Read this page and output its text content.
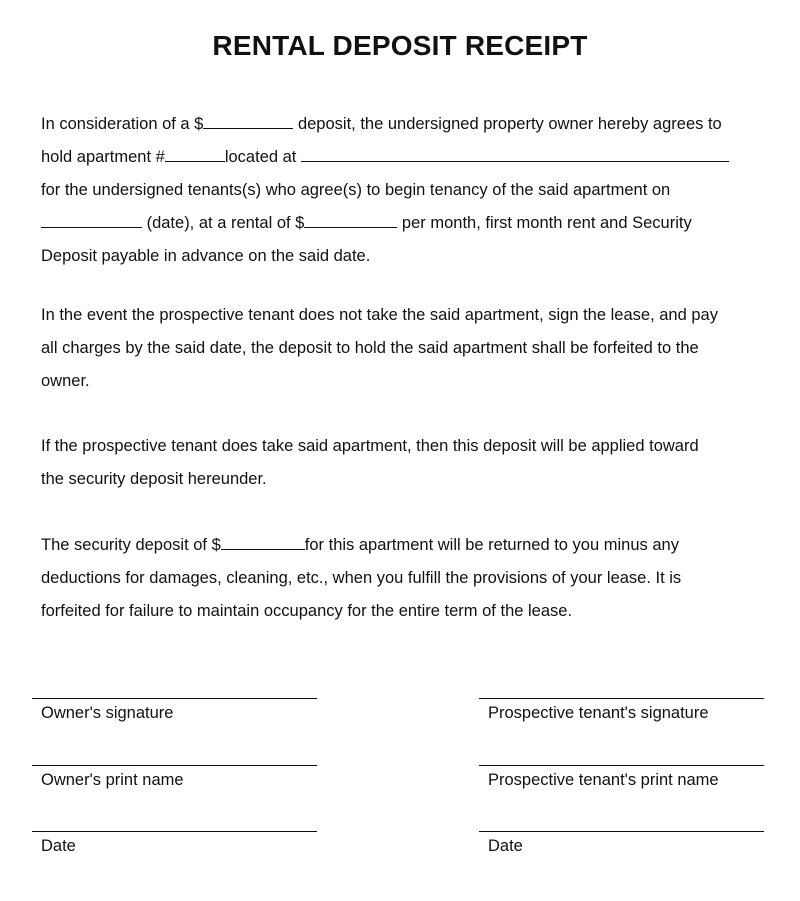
RENTAL DEPOSIT RECEIPT
In consideration of a $	deposit, the undersigned property owner hereby agrees to
hold apartment #	located at
for the undersigned tenants(s) who agree(s) to begin tenancy of the said apartment on
(date), at a rental of $	per month, first month rent and Security
Deposit payable in advance on the said date.
In the event the prospective tenant does not take the said apartment, sign the lease, and pay
all charges by the said date, the deposit to hold the said apartment shall be forfeited to the
owner.
If the prospective tenant does take said apartment, then this deposit will be applied toward
the security deposit hereunder.
The security deposit of $	for this apartment will be returned to you minus any
deductions for damages, cleaning, etc., when you fulfill the provisions of your lease. It is
forfeited for failure to maintain occupancy for the entire term of the lease.
Owner's signature	Prospective tenant's signature
Owner's print name	Prospective tenant's print name
Date	Date
